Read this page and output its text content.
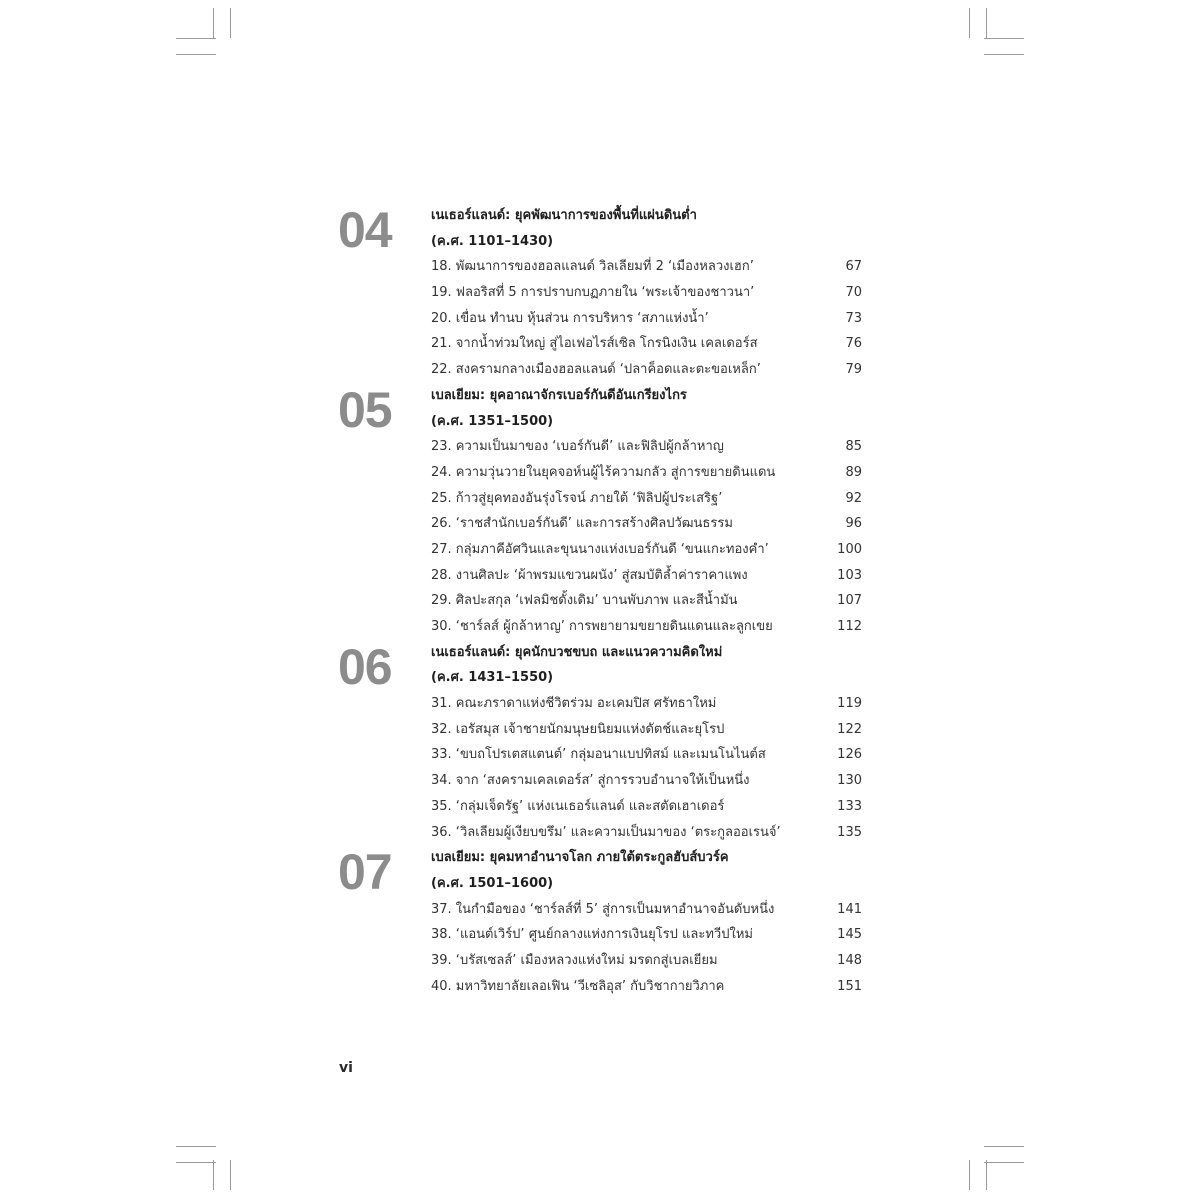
04	เนเธอร์แลนด์: ยุคพัฒนาการของพื้นที่แผ่นดินต่ำ
(ค.ศ. 1101–1430)
18. พัฒนาการของฮอลแลนด์ วิลเลียมที่ 2 ‘เมืองหลวงเฮก’	67
19. ฟลอริสที่ 5 การปราบกบฏภายใน ‘พระเจ้าของชาวนา’	70
20. เขื่อน ทำนบ หุ้นส่วน การบริหาร ‘สภาแห่งน้ำ’	73
21. จากน้ำท่วมใหญ่ สู่ไอเฟอไรส์เซิล โกรนิงเงิน เคลเดอร์ส	76
22. สงครามกลางเมืองฮอลแลนด์ ‘ปลาค็อดและตะขอเหล็ก’	79
05	เบลเยียม: ยุคอาณาจักรเบอร์กันดีอันเกรียงไกร
(ค.ศ. 1351–1500)
23. ความเป็นมาของ ‘เบอร์กันดี’ และฟิลิปผู้กล้าหาญ	85
24. ความวุ่นวายในยุคจอห์นผู้ไร้ความกลัว สู่การขยายดินแดน	89
25. ก้าวสู่ยุคทองอันรุ่งโรจน์ ภายใต้ ‘ฟิลิปผู้ประเสริฐ’	92
26. ‘ราชสำนักเบอร์กันดี’ และการสร้างศิลปวัฒนธรรม	96
27. กลุ่มภาคีอัศวินและขุนนางแห่งเบอร์กันดี ‘ขนแกะทองคำ’	100
28. งานศิลปะ ‘ผ้าพรมแขวนผนัง’ สู่สมบัติล้ำค่าราคาแพง	103
29. ศิลปะสกุล ‘เฟลมิชดั้งเดิม’ บานพับภาพ และสีน้ำมัน	107
30. ‘ชาร์ลส์ ผู้กล้าหาญ’ การพยายามขยายดินแดนและลูกเขย	112
06	เนเธอร์แลนด์: ยุคนักบวชขบถ และแนวความคิดใหม่
(ค.ศ. 1431–1550)
31. คณะภราดาแห่งชีวิตร่วม อะเคมปิส ศรัทธาใหม่	119
32. เอรัสมุส เจ้าชายนักมนุษยนิยมแห่งดัตช์และยุโรป	122
33. ‘ขบถโปรเตสแตนต์’ กลุ่มอนาแบปทิสม์ และเมนโนไนต์ส	126
34. จาก ‘สงครามเคลเดอร์ส’ สู่การรวบอำนาจให้เป็นหนึ่ง	130
35. ‘กลุ่มเจ็ดรัฐ’ แห่งเนเธอร์แลนด์ และสตัดเฮาเดอร์	133
36. ‘วิลเลียมผู้เงียบขรึม’ และความเป็นมาของ ‘ตระกูลออเรนจ์’	135
07	เบลเยียม: ยุคมหาอำนาจโลก ภายใต้ตระกูลฮับส์บวร์ค
(ค.ศ. 1501–1600)
37. ในกำมือของ ‘ชาร์ลส์ที่ 5’ สู่การเป็นมหาอำนาจอันดับหนึ่ง	141
38. ‘แอนต์เวิร์ป’ ศูนย์กลางแห่งการเงินยุโรป และทวีปใหม่	145
39. ‘บรัสเซลส์’ เมืองหลวงแห่งใหม่ มรดกสู่เบลเยียม	148
40. มหาวิทยาลัยเลอเฟิน ‘วีเซลิอุส’ กับวิชากายวิภาค	151
vi
